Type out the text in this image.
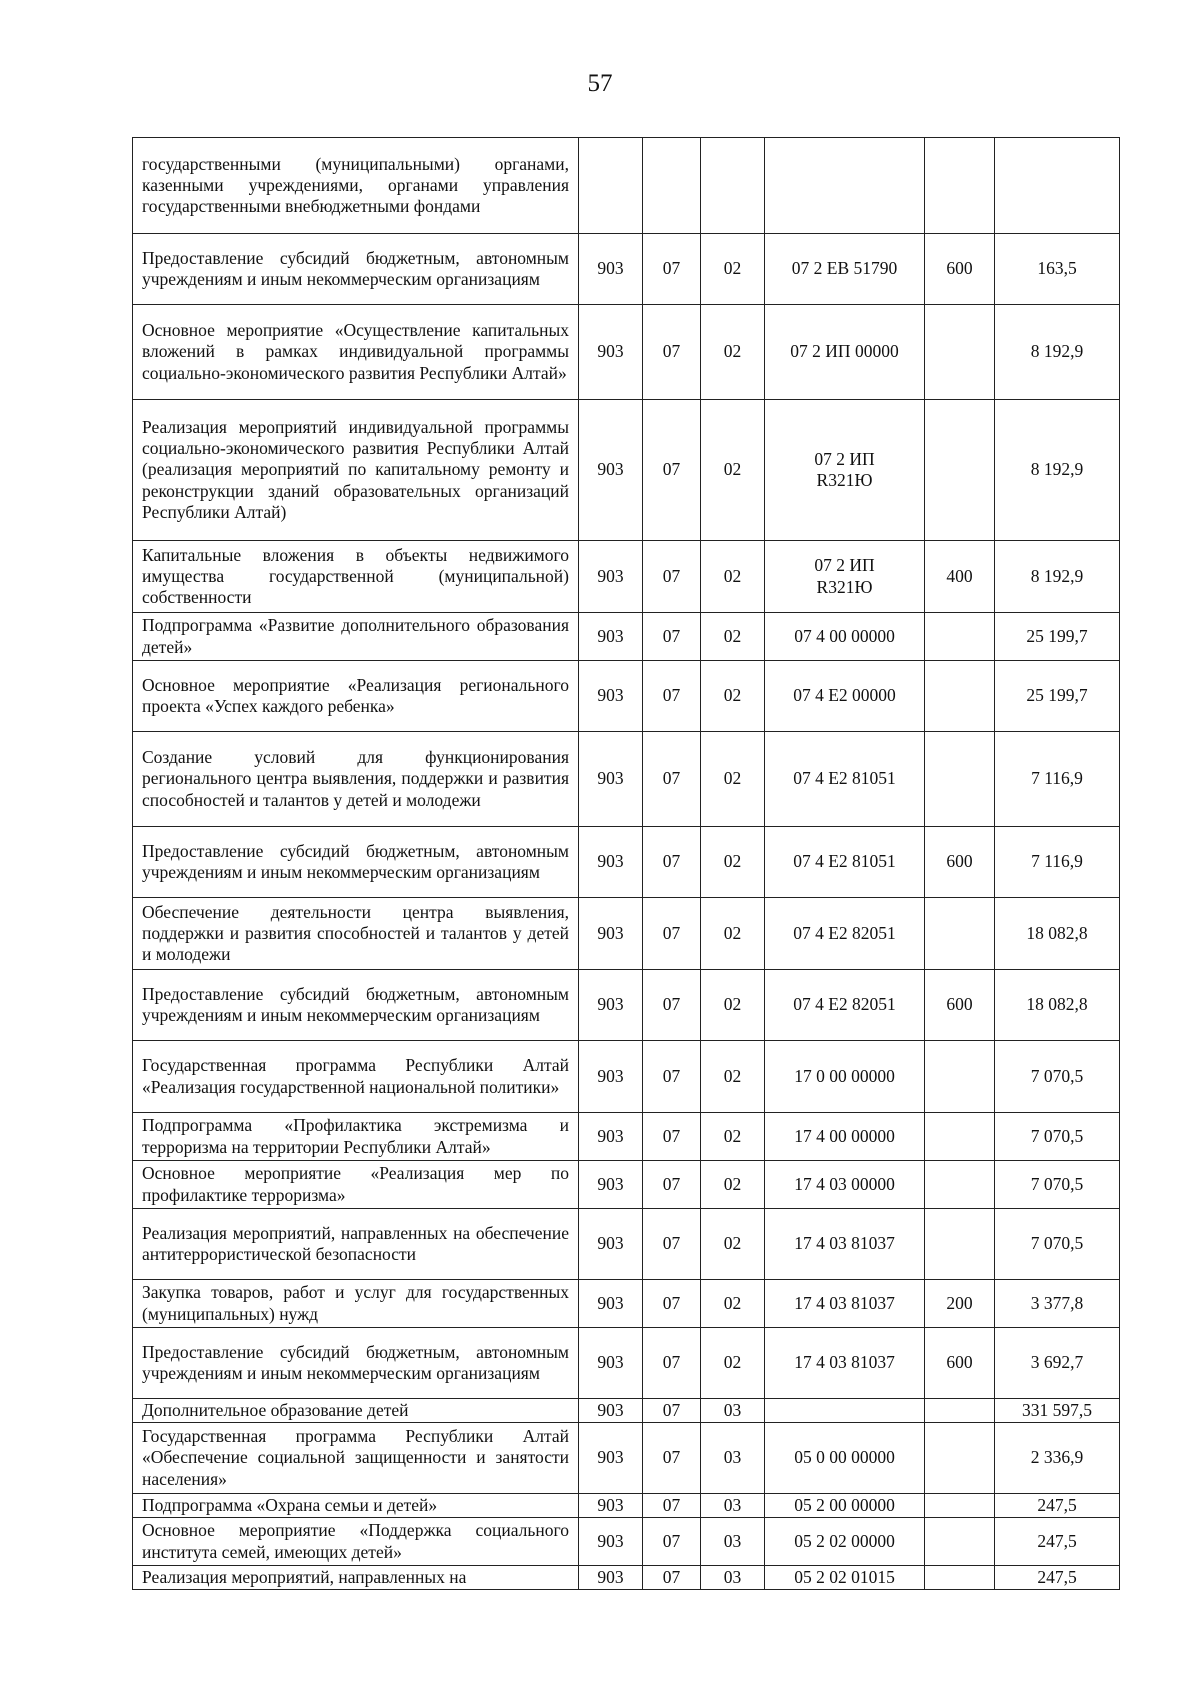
57
государственными (муниципальными) органами, казенными учреждениями, органами управления государственными внебюджетными фондами						
Предоставление субсидий бюджетным, автономным учреждениям и иным некоммерческим организациям	903	07	02	07 2 ЕВ 51790	600	163,5
Основное мероприятие «Осуществление капитальных вложений в рамках индивидуальной программы социально-экономического развития Республики Алтай»	903	07	02	07 2 ИП 00000		8 192,9
Реализация мероприятий индивидуальной программы социально-экономического развития Республики Алтай (реализация мероприятий по капитальному ремонту и реконструкции зданий образовательных организаций Республики Алтай)	903	07	02	07 2 ИП R321Ю		8 192,9
Капитальные вложения в объекты недвижимого имущества государственной (муниципальной) собственности	903	07	02	07 2 ИП R321Ю	400	8 192,9
Подпрограмма «Развитие дополнительного образования детей»	903	07	02	07 4 00 00000		25 199,7
Основное мероприятие «Реализация регионального проекта «Успех каждого ребенка»	903	07	02	07 4 Е2 00000		25 199,7
Создание условий для функционирования регионального центра выявления, поддержки и развития способностей и талантов у детей и молодежи	903	07	02	07 4 Е2 81051		7 116,9
Предоставление субсидий бюджетным, автономным учреждениям и иным некоммерческим организациям	903	07	02	07 4 Е2 81051	600	7 116,9
Обеспечение деятельности центра выявления, поддержки и развития способностей и талантов у детей и молодежи	903	07	02	07 4 Е2 82051		18 082,8
Предоставление субсидий бюджетным, автономным учреждениям и иным некоммерческим организациям	903	07	02	07 4 Е2 82051	600	18 082,8
Государственная программа Республики Алтай «Реализация государственной национальной политики»	903	07	02	17 0 00 00000		7 070,5
Подпрограмма «Профилактика экстремизма и терроризма на территории Республики Алтай»	903	07	02	17 4 00 00000		7 070,5
Основное мероприятие «Реализация мер по профилактике терроризма»	903	07	02	17 4 03 00000		7 070,5
Реализация мероприятий, направленных на обеспечение антитеррористической безопасности	903	07	02	17 4 03 81037		7 070,5
Закупка товаров, работ и услуг для государственных (муниципальных) нужд	903	07	02	17 4 03 81037	200	3 377,8
Предоставление субсидий бюджетным, автономным учреждениям и иным некоммерческим организациям	903	07	02	17 4 03 81037	600	3 692,7
Дополнительное образование детей	903	07	03			331 597,5
Государственная программа Республики Алтай «Обеспечение социальной защищенности и занятости населения»	903	07	03	05 0 00 00000		2 336,9
Подпрограмма «Охрана семьи и детей»	903	07	03	05 2 00 00000		247,5
Основное мероприятие «Поддержка социального института семей, имеющих детей»	903	07	03	05 2 02 00000		247,5
Реализация мероприятий, направленных на	903	07	03	05 2 02 01015		247,5
